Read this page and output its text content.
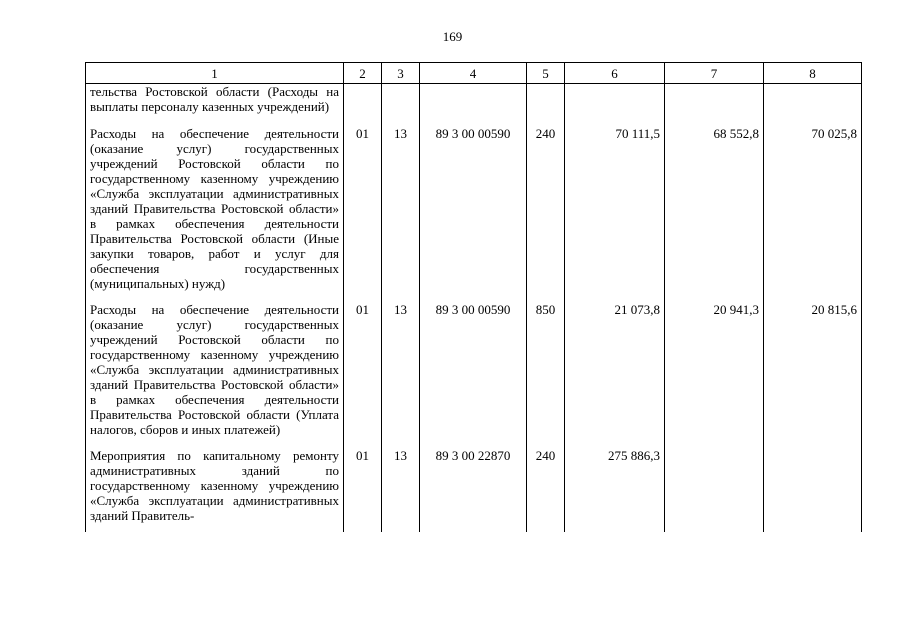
169
1	2	3	4	5	6	7	8
тельства Ростовской области (Расходы на выплаты персоналу казенных учреждений)							
Расходы на обеспечение деятельности (оказание услуг) государственных учреждений Ростовской области по государственному казенному учреждению «Служба эксплуатации административных зданий Правительства Ростовской области» в рамках обеспечения деятельности Правительства Ростовской области (Иные закупки товаров, работ и услуг для обеспечения государственных (муниципальных) нужд)	01	13	89 3 00 00590	240	70 111,5	68 552,8	70 025,8
Расходы на обеспечение деятельности (оказание услуг) государственных учреждений Ростовской области по государственному казенному учреждению «Служба эксплуатации административных зданий Правительства Ростовской области» в рамках обеспечения деятельности Правительства Ростовской области (Уплата налогов, сборов и иных платежей)	01	13	89 3 00 00590	850	21 073,8	20 941,3	20 815,6
Мероприятия по капитальному ремонту административных зданий по государственному казенному учреждению «Служба эксплуатации административных зданий Правитель-	01	13	89 3 00 22870	240	275 886,3		
